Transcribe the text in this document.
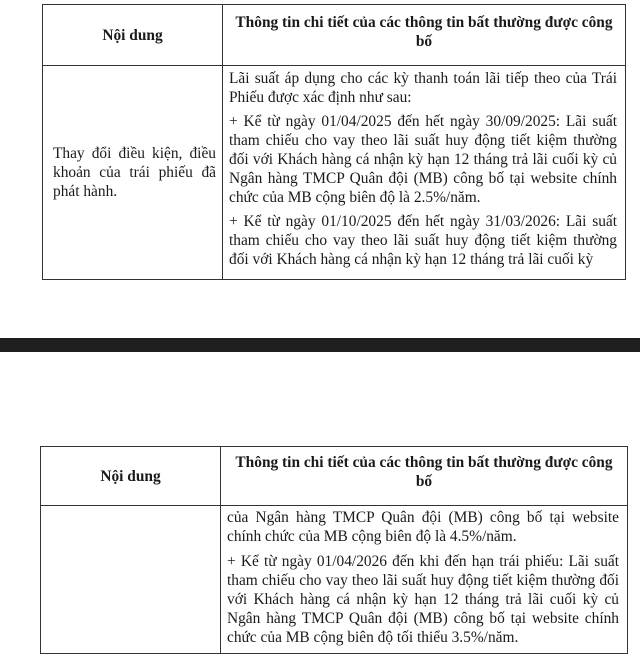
Nội dung	Thông tin chi tiết của các thông tin bất thường được công bố
Thay đổi điều kiện, điều khoản của trái phiếu đã phát hành.	Lãi suất áp dụng cho các kỳ thanh toán lãi tiếp theo của Trái Phiếu được xác định như sau:

+ Kể từ ngày 01/04/2025 đến hết ngày 30/09/2025: Lãi suất tham chiếu cho vay theo lãi suất huy động tiết kiệm thường đối với Khách hàng cá nhận kỳ hạn 12 tháng trả lãi cuối kỳ củ Ngân hàng TMCP Quân đội (MB) công bố tại website chính chức của MB cộng biên độ là 2.5%/năm.

+ Kể từ ngày 01/10/2025 đến hết ngày 31/03/2026: Lãi suất tham chiếu cho vay theo lãi suất huy động tiết kiệm thường đối với Khách hàng cá nhận kỳ hạn 12 tháng trả lãi cuối kỳ

Nội dung	Thông tin chi tiết của các thông tin bất thường được công bố

	của Ngân hàng TMCP Quân đội (MB) công bố tại website chính chức của MB cộng biên độ là 4.5%/năm.

+ Kể từ ngày 01/04/2026 đến khi đến hạn trái phiếu: Lãi suất tham chiếu cho vay theo lãi suất huy động tiết kiệm thường đối với Khách hàng cá nhận kỳ hạn 12 tháng trả lãi cuối kỳ củ Ngân hàng TMCP Quân đội (MB) công bố tại website chính chức của MB cộng biên độ tối thiểu 3.5%/năm.
